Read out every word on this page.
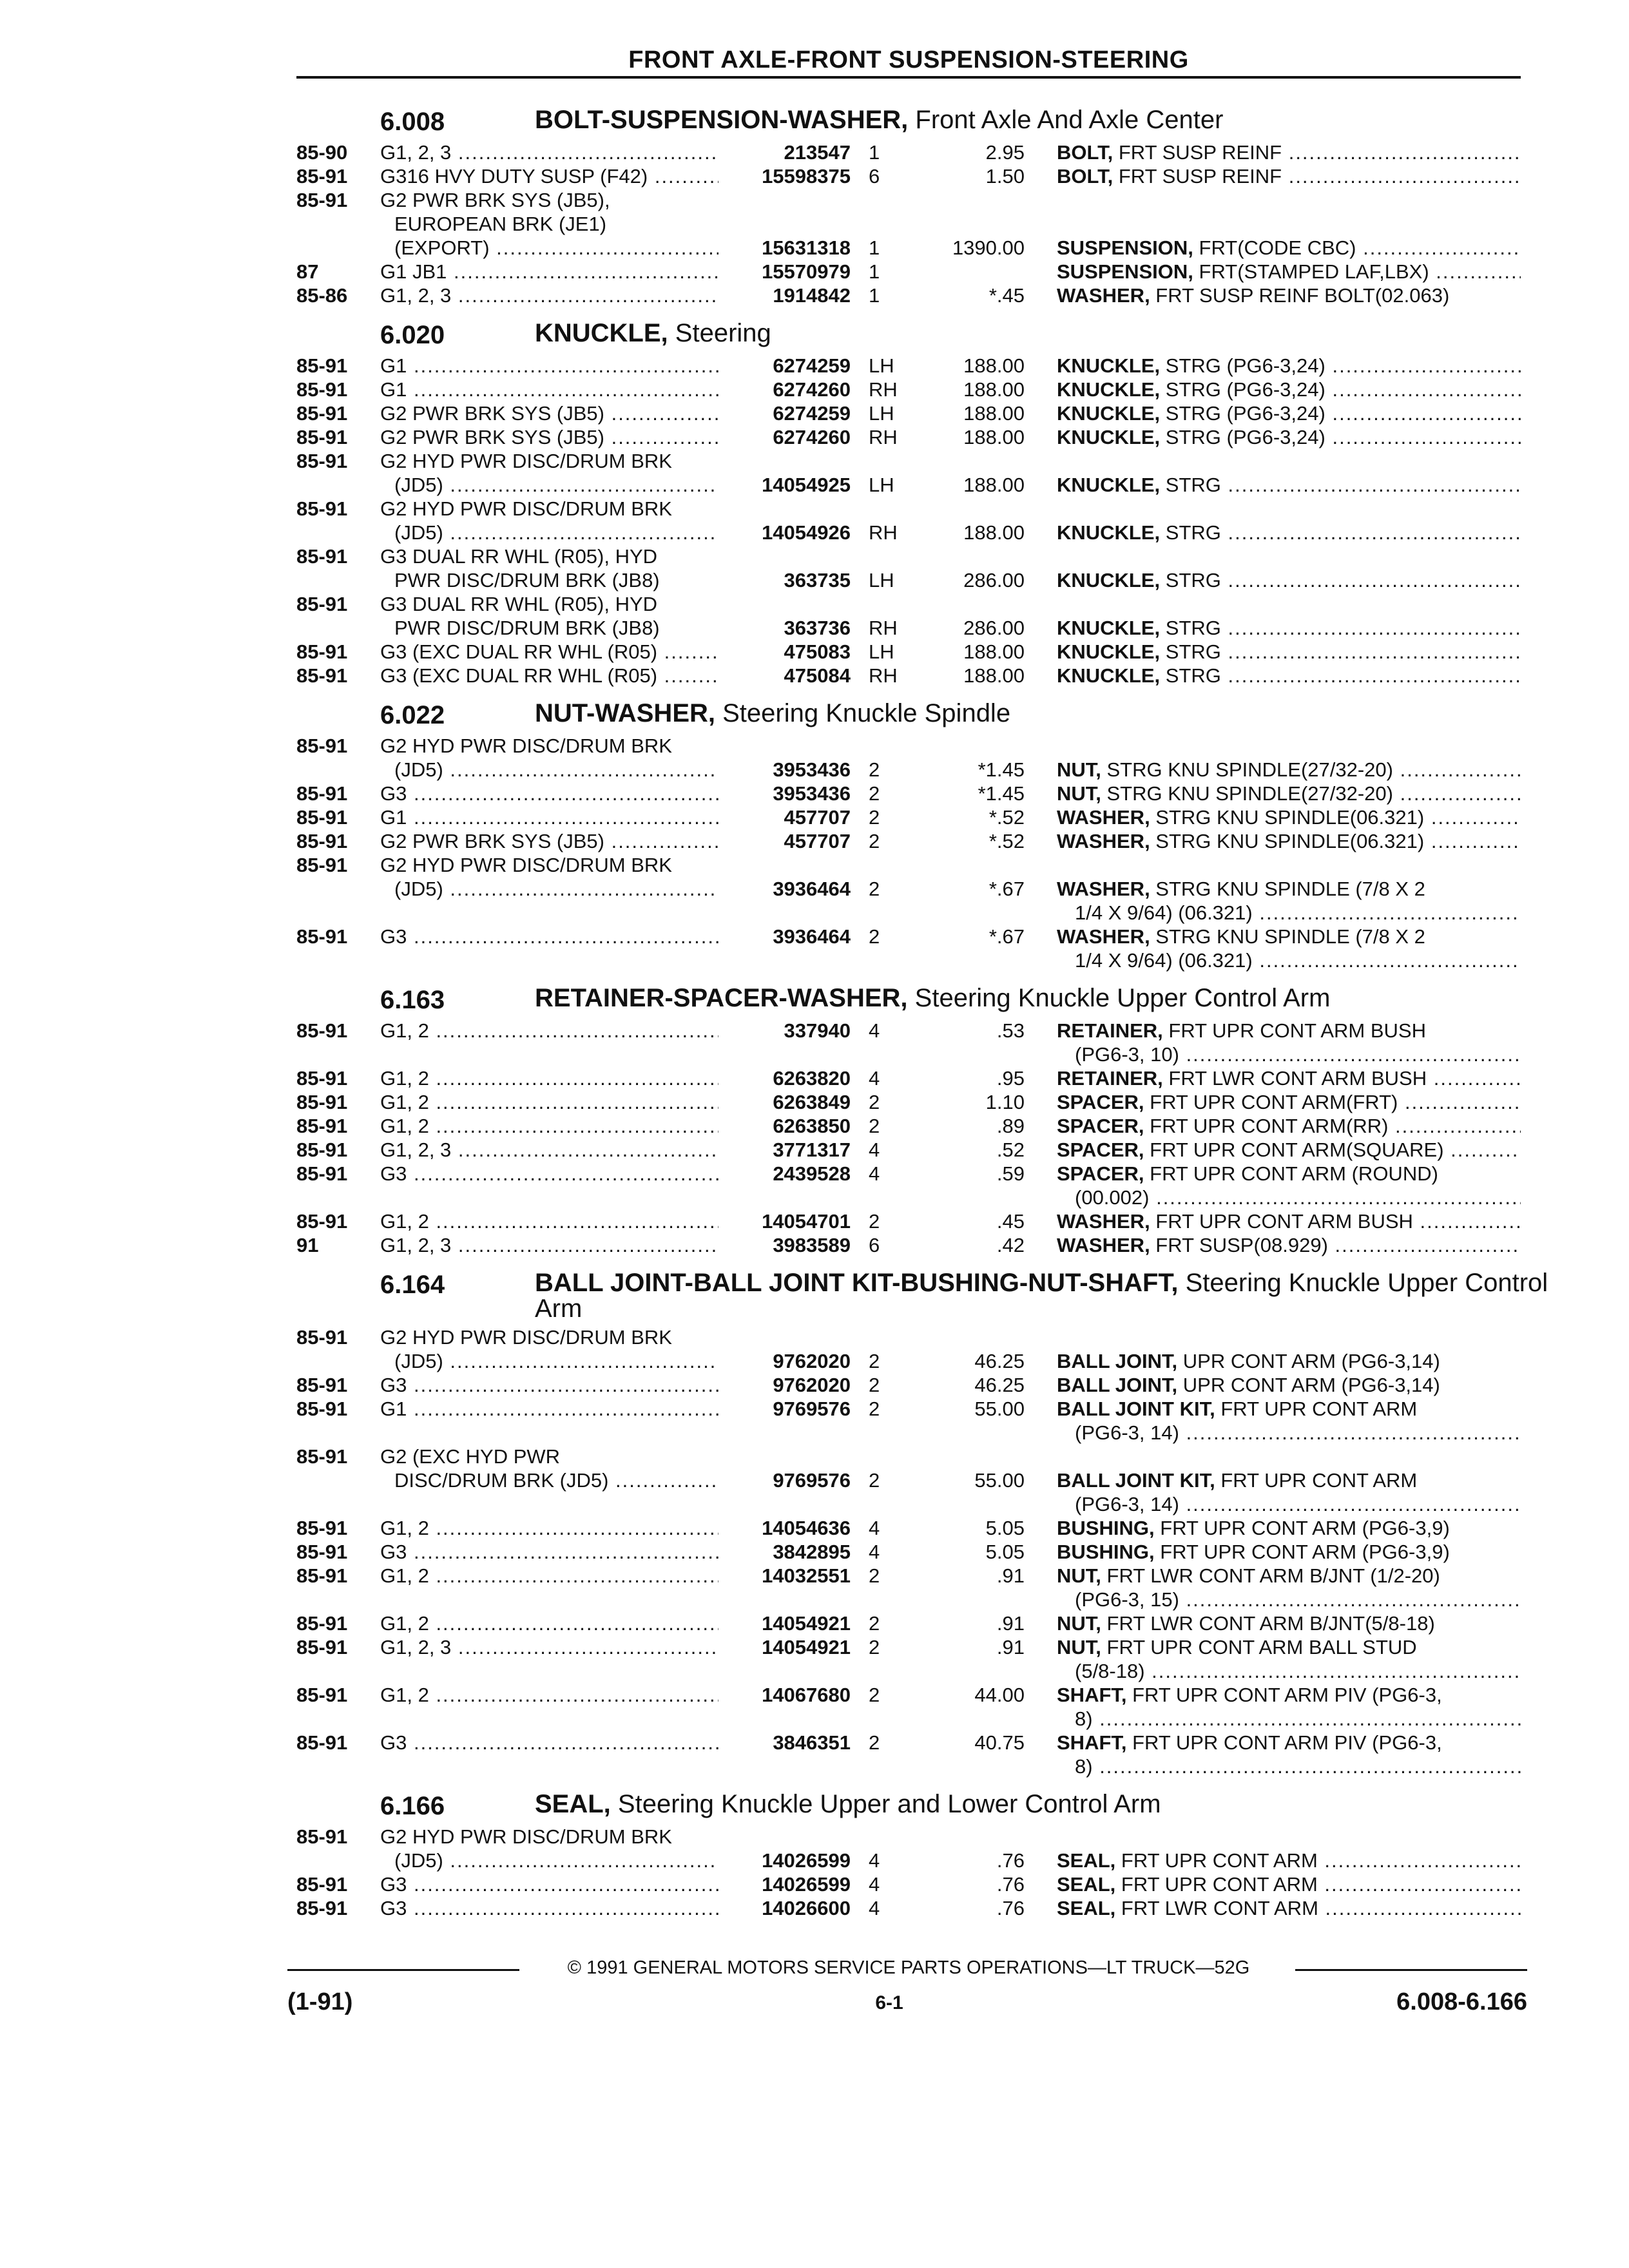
FRONT AXLE-FRONT SUSPENSION-STEERING
6.008	BOLT-SUSPENSION-WASHER, Front Axle And Axle Center
85-90	G1, 2, 3 .....	213547 1	2.95 BOLT, FRT SUSP REINF .....
85-91	G316 HVY DUTY SUSP (F42) .....	15598375 6	1.50 BOLT, FRT SUSP REINF .....
85-91	G2 PWR BRK SYS (JB5),
EUROPEAN BRK (JE1)
(EXPORT) .....	15631318 1	1390.00 SUSPENSION, FRT(CODE CBC) .....
87	G1 JB1 .....	15570979 1	SUSPENSION, FRT(STAMPED LAF,LBX) .....
85-86	G1, 2, 3 .....	1914842 1	*.45 WASHER, FRT SUSP REINF BOLT(02.063)
6.020	KNUCKLE, Steering
85-91	G1 .....	6274259 LH	188.00 KNUCKLE, STRG (PG6-3,24) .....
85-91	G1 .....	6274260 RH	188.00 KNUCKLE, STRG (PG6-3,24) .....
85-91	G2 PWR BRK SYS (JB5) .....	6274259 LH	188.00 KNUCKLE, STRG (PG6-3,24) .....
85-91	G2 PWR BRK SYS (JB5) .....	6274260 RH	188.00 KNUCKLE, STRG (PG6-3,24) .....
85-91	G2 HYD PWR DISC/DRUM BRK
(JD5) .....	14054925 LH	188.00 KNUCKLE, STRG .....
85-91	G2 HYD PWR DISC/DRUM BRK
(JD5) .....	14054926 RH	188.00 KNUCKLE, STRG .....
85-91	G3 DUAL RR WHL (R05), HYD
PWR DISC/DRUM BRK (JB8)	363735 LH	286.00 KNUCKLE, STRG .....
85-91	G3 DUAL RR WHL (R05), HYD
PWR DISC/DRUM BRK (JB8)	363736 RH	286.00 KNUCKLE, STRG .....
85-91	G3 (EXC DUAL RR WHL (R05) .....	475083 LH	188.00 KNUCKLE, STRG .....
85-91	G3 (EXC DUAL RR WHL (R05) .....	475084 RH	188.00 KNUCKLE, STRG .....
6.022	NUT-WASHER, Steering Knuckle Spindle
85-91	G2 HYD PWR DISC/DRUM BRK
(JD5) .....	3953436 2	*1.45 NUT, STRG KNU SPINDLE(27/32-20) .....
85-91	G3 .....	3953436 2	*1.45 NUT, STRG KNU SPINDLE(27/32-20) .....
85-91	G1 .....	457707 2	*.52 WASHER, STRG KNU SPINDLE(06.321) .....
85-91	G2 PWR BRK SYS (JB5) .....	457707 2	*.52 WASHER, STRG KNU SPINDLE(06.321) .....
85-91	G2 HYD PWR DISC/DRUM BRK
(JD5) .....	3936464 2	*.67 WASHER, STRG KNU SPINDLE (7/8 X 2
1/4 X 9/64) (06.321) .....
85-91	G3 .....	3936464 2	*.67 WASHER, STRG KNU SPINDLE (7/8 X 2
1/4 X 9/64) (06.321) .....
6.163	RETAINER-SPACER-WASHER, Steering Knuckle Upper Control Arm
85-91	G1, 2 .....	337940 4	.53 RETAINER, FRT UPR CONT ARM BUSH
(PG6-3, 10) .....
85-91	G1, 2 .....	6263820 4	.95 RETAINER, FRT LWR CONT ARM BUSH .....
85-91	G1, 2 .....	6263849 2	1.10 SPACER, FRT UPR CONT ARM(FRT) .....
85-91	G1, 2 .....	6263850 2	.89 SPACER, FRT UPR CONT ARM(RR) .....
85-91	G1, 2, 3 .....	3771317 4	.52 SPACER, FRT UPR CONT ARM(SQUARE) .....
85-91	G3 .....	2439528 4	.59 SPACER, FRT UPR CONT ARM (ROUND)
(00.002) .....
85-91	G1, 2 .....	14054701 2	.45 WASHER, FRT UPR CONT ARM BUSH .....
91	G1, 2, 3 .....	3983589 6	.42 WASHER, FRT SUSP(08.929) .....
6.164	BALL JOINT-BALL JOINT KIT-BUSHING-NUT-SHAFT, Steering Knuckle Upper Control Arm
85-91	G2 HYD PWR DISC/DRUM BRK
(JD5) .....	9762020 2	46.25 BALL JOINT, UPR CONT ARM (PG6-3,14)
85-91	G3 .....	9762020 2	46.25 BALL JOINT, UPR CONT ARM (PG6-3,14)
85-91	G1 .....	9769576 2	55.00 BALL JOINT KIT, FRT UPR CONT ARM
(PG6-3, 14) .....
85-91	G2 (EXC HYD PWR
DISC/DRUM BRK (JD5) .....	9769576 2	55.00 BALL JOINT KIT, FRT UPR CONT ARM
(PG6-3, 14) .....
85-91	G1, 2 .....	14054636 4	5.05 BUSHING, FRT UPR CONT ARM (PG6-3,9)
85-91	G3 .....	3842895 4	5.05 BUSHING, FRT UPR CONT ARM (PG6-3,9)
85-91	G1, 2 .....	14032551 2	.91 NUT, FRT LWR CONT ARM B/JNT (1/2-20)
(PG6-3, 15) .....
85-91	G1, 2 .....	14054921 2	.91 NUT, FRT LWR CONT ARM B/JNT(5/8-18)
85-91	G1, 2, 3 .....	14054921 2	.91 NUT, FRT UPR CONT ARM BALL STUD
(5/8-18) .....
85-91	G1, 2 .....	14067680 2	44.00 SHAFT, FRT UPR CONT ARM PIV (PG6-3,
8) .....
85-91	G3 .....	3846351 2	40.75 SHAFT, FRT UPR CONT ARM PIV (PG6-3,
8) .....
6.166	SEAL, Steering Knuckle Upper and Lower Control Arm
85-91	G2 HYD PWR DISC/DRUM BRK
(JD5) .....	14026599 4	.76 SEAL, FRT UPR CONT ARM .....
85-91	G3 .....	14026599 4	.76 SEAL, FRT UPR CONT ARM .....
85-91	G3 .....	14026600 4	.76 SEAL, FRT LWR CONT ARM .....
© 1991 GENERAL MOTORS SERVICE PARTS OPERATIONS—LT TRUCK—52G
(1-91)	6-1	6.008-6.166
